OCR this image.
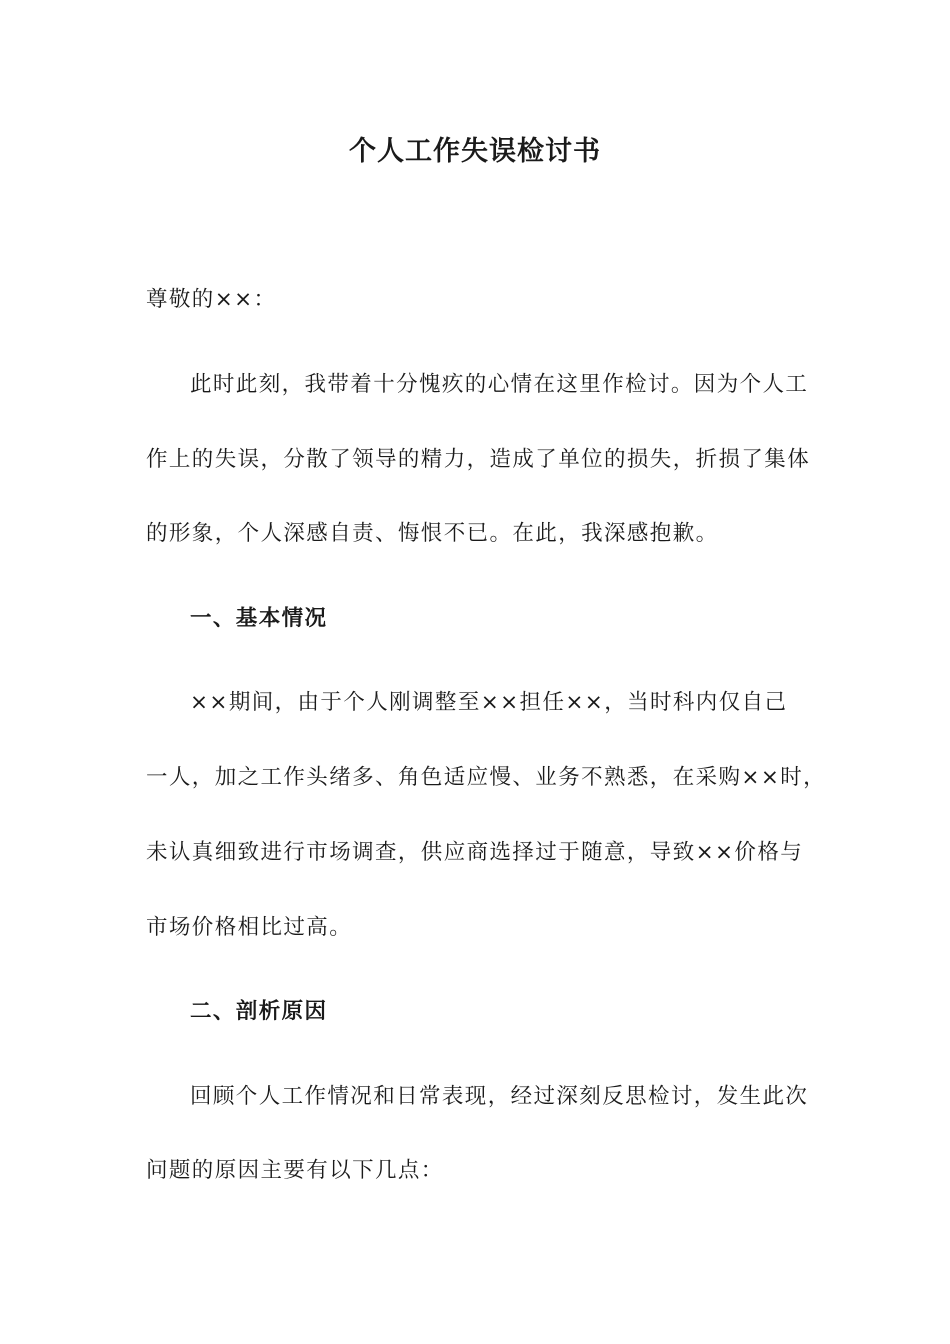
个人工作失误检讨书
尊敬的××：
此时此刻，我带着十分愧疚的心情在这里作检讨。因为个人工
作上的失误，分散了领导的精力，造成了单位的损失，折损了集体
的形象，个人深感自责、悔恨不已。在此，我深感抱歉。
一、基本情况
××期间，由于个人刚调整至××担任××，当时科内仅自己
一人，加之工作头绪多、角色适应慢、业务不熟悉，在采购××时，
未认真细致进行市场调查，供应商选择过于随意，导致××价格与
市场价格相比过高。
二、剖析原因
回顾个人工作情况和日常表现，经过深刻反思检讨，发生此次
问题的原因主要有以下几点：
